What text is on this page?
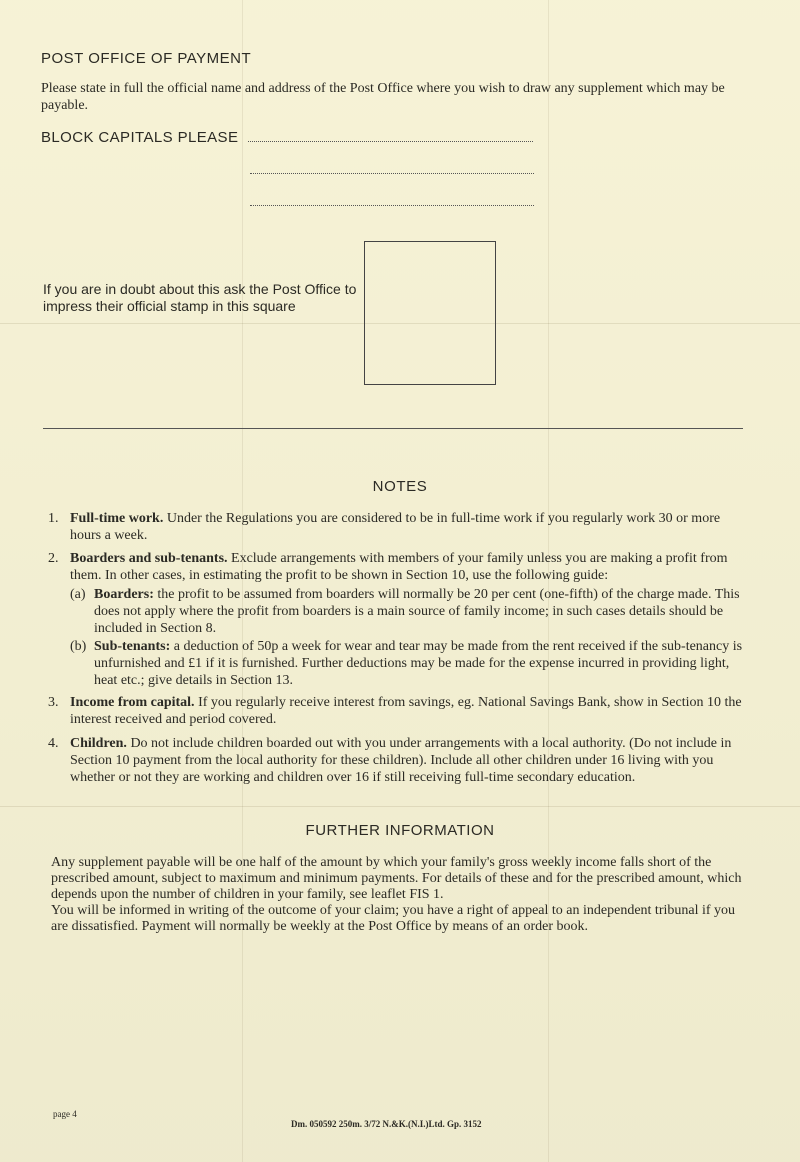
POST OFFICE OF PAYMENT
Please state in full the official name and address of the Post Office where you wish to draw any supplement which may be payable.
BLOCK CAPITALS PLEASE
If you are in doubt about this ask the Post Office to impress their official stamp in this square
NOTES
1. Full-time work. Under the Regulations you are considered to be in full-time work if you regularly work 30 or more hours a week.
2. Boarders and sub-tenants. Exclude arrangements with members of your family unless you are making a profit from them. In other cases, in estimating the profit to be shown in Section 10, use the following guide:
(a) Boarders: the profit to be assumed from boarders will normally be 20 per cent (one-fifth) of the charge made. This does not apply where the profit from boarders is a main source of family income; in such cases details should be included in Section 8.
(b) Sub-tenants: a deduction of 50p a week for wear and tear may be made from the rent received if the sub-tenancy is unfurnished and £1 if it is furnished. Further deductions may be made for the expense incurred in providing light, heat etc.; give details in Section 13.
3. Income from capital. If you regularly receive interest from savings, eg. National Savings Bank, show in Section 10 the interest received and period covered.
4. Children. Do not include children boarded out with you under arrangements with a local authority. (Do not include in Section 10 payment from the local authority for these children). Include all other children under 16 living with you whether or not they are working and children over 16 if still receiving full-time secondary education.
FURTHER INFORMATION
Any supplement payable will be one half of the amount by which your family's gross weekly income falls short of the prescribed amount, subject to maximum and minimum payments. For details of these and for the prescribed amount, which depends upon the number of children in your family, see leaflet FIS 1.
You will be informed in writing of the outcome of your claim; you have a right of appeal to an independent tribunal if you are dissatisfied. Payment will normally be weekly at the Post Office by means of an order book.
page 4
Dm. 050592 250m. 3/72 N.&K.(N.I.)Ltd. Gp. 3152
